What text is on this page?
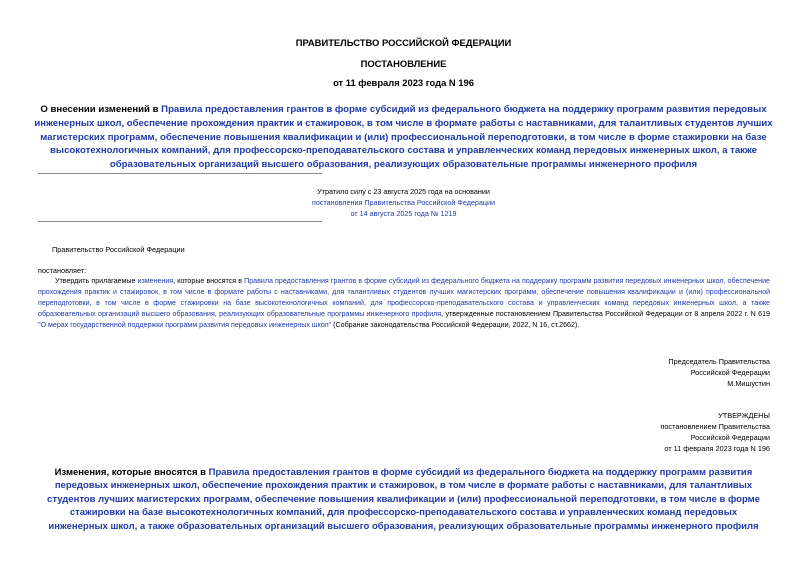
ПРАВИТЕЛЬСТВО РОССИЙСКОЙ ФЕДЕРАЦИИ
ПОСТАНОВЛЕНИЕ
от 11 февраля 2023 года N 196
О внесении изменений в Правила предоставления грантов в форме субсидий из федерального бюджета на поддержку программ развития передовых инженерных школ, обеспечение прохождения практик и стажировок, в том числе в формате работы с наставниками, для талантливых студентов лучших магистерских программ, обеспечение повышения квалификации и (или) профессиональной переподготовки, в том числе в форме стажировки на базе высокотехнологичных компаний, для профессорско-преподавательского состава и управленческих команд передовых инженерных школ, а также образовательных организаций высшего образования, реализующих образовательные программы инженерного профиля
Утратило силу с 23 августа 2025 года на основании
постановления Правительства Российской Федерации
от 14 августа 2025 года № 1219
Правительство Российской Федерации
постановляет:
Утвердить прилагаемые изменения, которые вносятся в Правила предоставления грантов в форме субсидий из федерального бюджета на поддержку программ развития передовых инженерных школ, обеспечение прохождения практик и стажировок, в том числе в формате работы с наставниками, для талантливых студентов лучших магистерских программ, обеспечение повышения квалификации и (или) профессиональной переподготовки, в том числе в форме стажировки на базе высокотехнологичных компаний, для профессорско-преподавательского состава и управленческих команд передовых инженерных школ, а также образовательных организаций высшего образования, реализующих образовательные программы инженерного профиля, утвержденные постановлением Правительства Российской Федерации от 8 апреля 2022 г. N 619 "О мерах государственной поддержки программ развития передовых инженерных школ" (Собрание законодательства Российской Федерации, 2022, N 16, ст.2662).
Председатель Правительства
Российской Федерации
М.Мишустин
УТВЕРЖДЕНЫ
постановлением Правительства
Российской Федерации
от 11 февраля 2023 года N 196
Изменения, которые вносятся в Правила предоставления грантов в форме субсидий из федерального бюджета на поддержку программ развития передовых инженерных школ, обеспечение прохождения практик и стажировок, в том числе в формате работы с наставниками, для талантливых студентов лучших магистерских программ, обеспечение повышения квалификации и (или) профессиональной переподготовки, в том числе в форме стажировки на базе высокотехнологичных компаний, для профессорско-преподавательского состава и управленческих команд передовых инженерных школ, а также образовательных организаций высшего образования, реализующих образовательные программы инженерного профиля
